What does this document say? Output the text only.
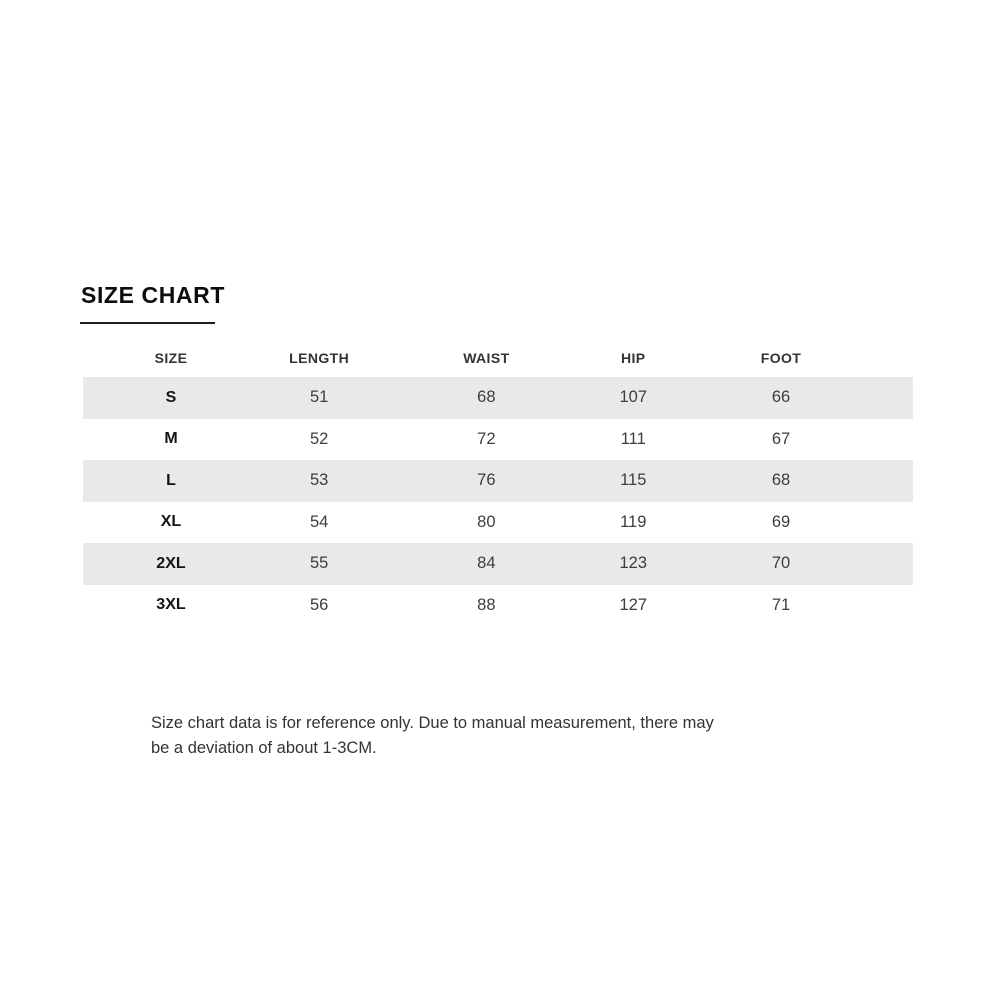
SIZE CHART
SIZE	LENGTH	WAIST	HIP	FOOT
S	51	68	107	66
M	52	72	111	67
L	53	76	115	68
XL	54	80	119	69
2XL	55	84	123	70
3XL	56	88	127	71

Size chart data is for reference only. Due to manual measurement, there may
be a deviation of about 1-3CM.
